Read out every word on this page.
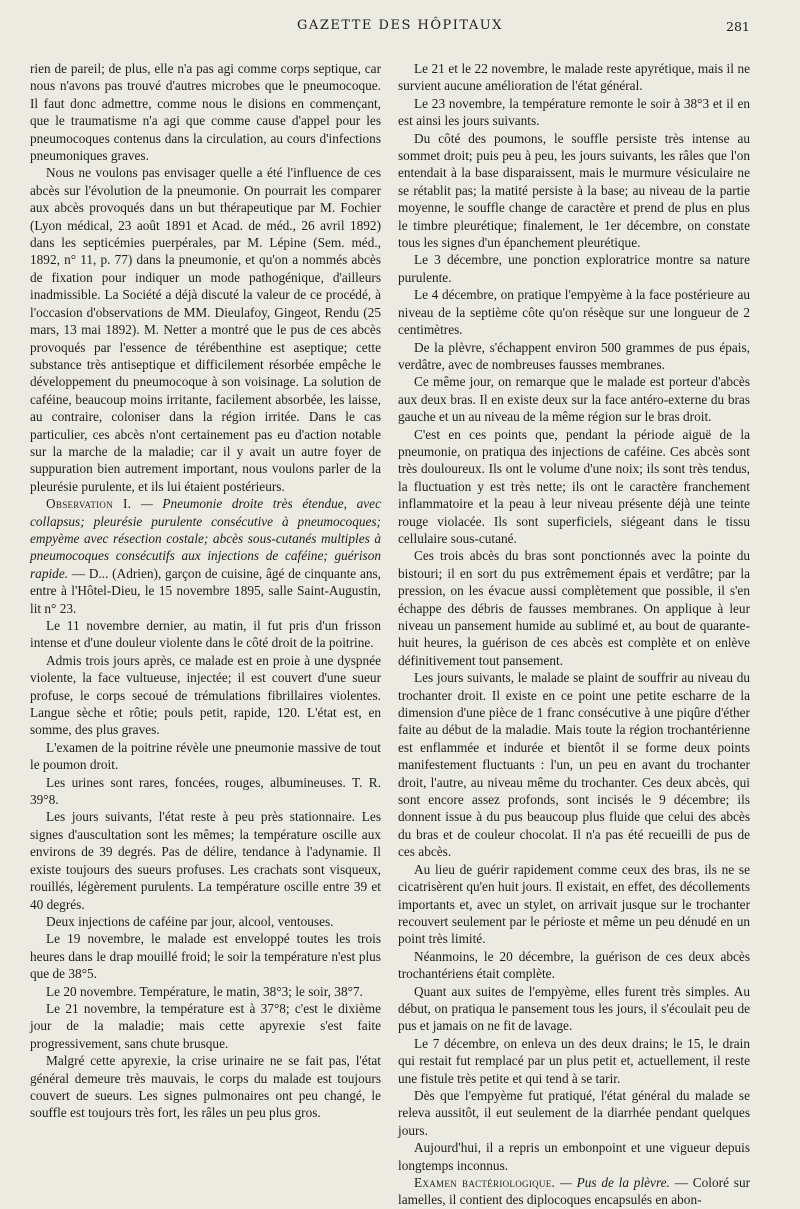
GAZETTE DES HÔPITAUX	281

rien de pareil; de plus, elle n'a pas agi comme corps septique, car nous n'avons pas trouvé d'autres microbes que le pneumocoque. Il faut donc admettre, comme nous le disions en commençant, que le traumatisme n'a agi que comme cause d'appel pour les pneumocoques contenus dans la circulation, au cours d'infections pneumoniques graves.

Nous ne voulons pas envisager quelle a été l'influence de ces abcès sur l'évolution de la pneumonie. On pourrait les comparer aux abcès provoqués dans un but thérapeutique par M. Fochier (Lyon médical, 23 août 1891 et Acad. de méd., 26 avril 1892) dans les septicémies puerpérales, par M. Lépine (Sem. méd., 1892, n° 11, p. 77) dans la pneumonie, et qu'on a nommés abcès de fixation pour indiquer un mode pathogénique, d'ailleurs inadmissible. La Société a déjà discuté la valeur de ce procédé, à l'occasion d'observations de MM. Dieulafoy, Gingeot, Rendu (25 mars, 13 mai 1892). M. Netter a montré que le pus de ces abcès provoqués par l'essence de térébenthine est aseptique; cette substance très antiseptique et difficilement résorbée empêche le développement du pneumocoque à son voisinage. La solution de caféine, beaucoup moins irritante, facilement absorbée, les laisse, au contraire, coloniser dans la région irritée. Dans le cas particulier, ces abcès n'ont certainement pas eu d'action notable sur la marche de la maladie; car il y avait un autre foyer de suppuration bien autrement important, nous voulons parler de la pleurésie purulente, et ils lui étaient postérieurs.

Observation I. — Pneumonie droite très étendue, avec collapsus; pleurésie purulente consécutive à pneumocoques; empyème avec résection costale; abcès sous-cutanés multiples à pneumocoques consécutifs aux injections de caféine; guérison rapide. — D... (Adrien), garçon de cuisine, âgé de cinquante ans, entre à l'Hôtel-Dieu, le 15 novembre 1895, salle Saint-Augustin, lit n° 23.

Le 11 novembre dernier, au matin, il fut pris d'un frisson intense et d'une douleur violente dans le côté droit de la poitrine.

Admis trois jours après, ce malade est en proie à une dyspnée violente, la face vultueuse, injectée; il est couvert d'une sueur profuse, le corps secoué de trémulations fibrillaires violentes. Langue sèche et rôtie; pouls petit, rapide, 120. L'état est, en somme, des plus graves.

L'examen de la poitrine révèle une pneumonie massive de tout le poumon droit.

Les urines sont rares, foncées, rouges, albumineuses. T. R. 39°8.

Les jours suivants, l'état reste à peu près stationnaire. Les signes d'auscultation sont les mêmes; la température oscille aux environs de 39 degrés. Pas de délire, tendance à l'adynamie. Il existe toujours des sueurs profuses. Les crachats sont visqueux, rouillés, légèrement purulents. La température oscille entre 39 et 40 degrés.

Deux injections de caféine par jour, alcool, ventouses.

Le 19 novembre, le malade est enveloppé toutes les trois heures dans le drap mouillé froid; le soir la température n'est plus que de 38°5.

Le 20 novembre. Température, le matin, 38°3; le soir, 38°7.

Le 21 novembre, la température est à 37°8; c'est le dixième jour de la maladie; mais cette apyrexie s'est faite progressivement, sans chute brusque.

Malgré cette apyrexie, la crise urinaire ne se fait pas, l'état général demeure très mauvais, le corps du malade est toujours couvert de sueurs. Les signes pulmonaires ont peu changé, le souffle est toujours très fort, les râles un peu plus gros.

Le 21 et le 22 novembre, le malade reste apyrétique, mais il ne survient aucune amélioration de l'état général.

Le 23 novembre, la température remonte le soir à 38°3 et il en est ainsi les jours suivants.

Du côté des poumons, le souffle persiste très intense au sommet droit; puis peu à peu, les jours suivants, les râles que l'on entendait à la base disparaissent, mais le murmure vésiculaire ne se rétablit pas; la matité persiste à la base; au niveau de la partie moyenne, le souffle change de caractère et prend de plus en plus le timbre pleurétique; finalement, le 1er décembre, on constate tous les signes d'un épanchement pleurétique.

Le 3 décembre, une ponction exploratrice montre sa nature purulente.

Le 4 décembre, on pratique l'empyème à la face postérieure au niveau de la septième côte qu'on résèque sur une longueur de 2 centimètres.

De la plèvre, s'échappent environ 500 grammes de pus épais, verdâtre, avec de nombreuses fausses membranes.

Ce même jour, on remarque que le malade est porteur d'abcès aux deux bras. Il en existe deux sur la face antéro-externe du bras gauche et un au niveau de la même région sur le bras droit.

C'est en ces points que, pendant la période aiguë de la pneumonie, on pratiqua des injections de caféine. Ces abcès sont très douloureux. Ils ont le volume d'une noix; ils sont très tendus, la fluctuation y est très nette; ils ont le caractère franchement inflammatoire et la peau à leur niveau présente déjà une teinte rouge violacée. Ils sont superficiels, siégeant dans le tissu cellulaire sous-cutané.

Ces trois abcès du bras sont ponctionnés avec la pointe du bistouri; il en sort du pus extrêmement épais et verdâtre; par la pression, on les évacue aussi complètement que possible, il s'en échappe des débris de fausses membranes. On applique à leur niveau un pansement humide au sublimé et, au bout de quarante-huit heures, la guérison de ces abcès est complète et on enlève définitivement tout pansement.

Les jours suivants, le malade se plaint de souffrir au niveau du trochanter droit. Il existe en ce point une petite escharre de la dimension d'une pièce de 1 franc consécutive à une piqûre d'éther faite au début de la maladie. Mais toute la région trochantérienne est enflammée et indurée et bientôt il se forme deux points manifestement fluctuants : l'un, un peu en avant du trochanter droit, l'autre, au niveau même du trochanter. Ces deux abcès, qui sont encore assez profonds, sont incisés le 9 décembre; ils donnent issue à du pus beaucoup plus fluide que celui des abcès du bras et de couleur chocolat. Il n'a pas été recueilli de pus de ces abcès.

Au lieu de guérir rapidement comme ceux des bras, ils ne se cicatrisèrent qu'en huit jours. Il existait, en effet, des décollements importants et, avec un stylet, on arrivait jusque sur le trochanter recouvert seulement par le périoste et même un peu dénudé en un point très limité.

Néanmoins, le 20 décembre, la guérison de ces deux abcès trochantériens était complète.

Quant aux suites de l'empyème, elles furent très simples. Au début, on pratiqua le pansement tous les jours, il s'écoulait peu de pus et jamais on ne fit de lavage.

Le 7 décembre, on enleva un des deux drains; le 15, le drain qui restait fut remplacé par un plus petit et, actuellement, il reste une fistule très petite et qui tend à se tarir.

Dès que l'empyème fut pratiqué, l'état général du malade se releva aussitôt, il eut seulement de la diarrhée pendant quelques jours.

Aujourd'hui, il a repris un embonpoint et une vigueur depuis longtemps inconnus.

Examen bactériologique. — Pus de la plèvre. — Coloré sur lamelles, il contient des diplocoques encapsulés en abon-
